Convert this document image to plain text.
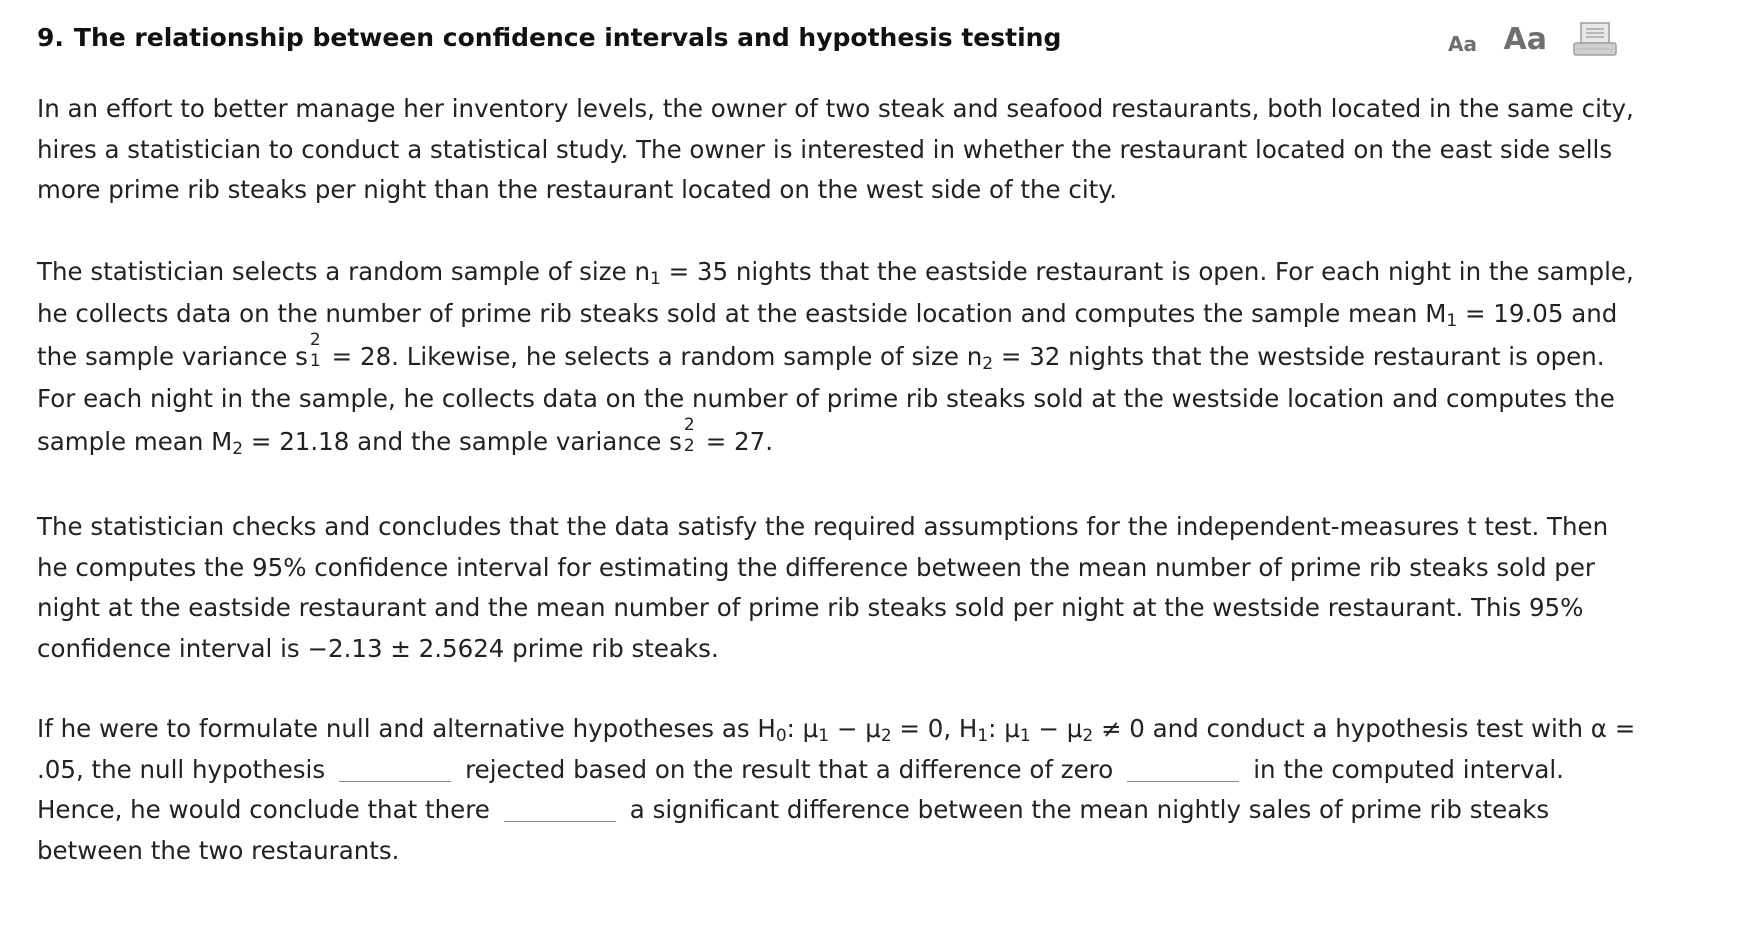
9. The relationship between confidence intervals and hypothesis testing	Aa Aa

In an effort to better manage her inventory levels, the owner of two steak and seafood restaurants, both located in the same city, hires a statistician to conduct a statistical study. The owner is interested in whether the restaurant located on the east side sells more prime rib steaks per night than the restaurant located on the west side of the city.

The statistician selects a random sample of size $n_1 = 35$ nights that the eastside restaurant is open. For each night in the sample, he collects data on the number of prime rib steaks sold at the eastside location and computes the sample mean $M_1 = 19.05$ and the sample variance s
2
1 = 28. Likewise, he selects a random sample of size $n_2 = 32$ nights that the westside restaurant is open. For each night in the sample, he collects data on the number of prime rib steaks sold at the westside location and computes the sample mean $M_2 = 21.18$ and the sample variance s
2
2 = 27.

The statistician checks and concludes that the data satisfy the required assumptions for the independent-measures t test. Then he computes the 95% confidence interval for estimating the difference between the mean number of prime rib steaks sold per night at the eastside restaurant and the mean number of prime rib steaks sold per night at the westside restaurant. This 95% confidence interval is −2.13 ± 2.5624 prime rib steaks.

If he were to formulate null and alternative hypotheses as $H_0$: $\mu_1 - \mu_2 = 0$, $H_1$: $\mu_1 - \mu_2 \ne 0$ and conduct a hypothesis test with α = .05, the null hypothesis	rejected based on the result that a difference of zero	in the computed interval. Hence, he would conclude that there	a significant difference between the mean nightly sales of prime rib steaks between the two restaurants.
